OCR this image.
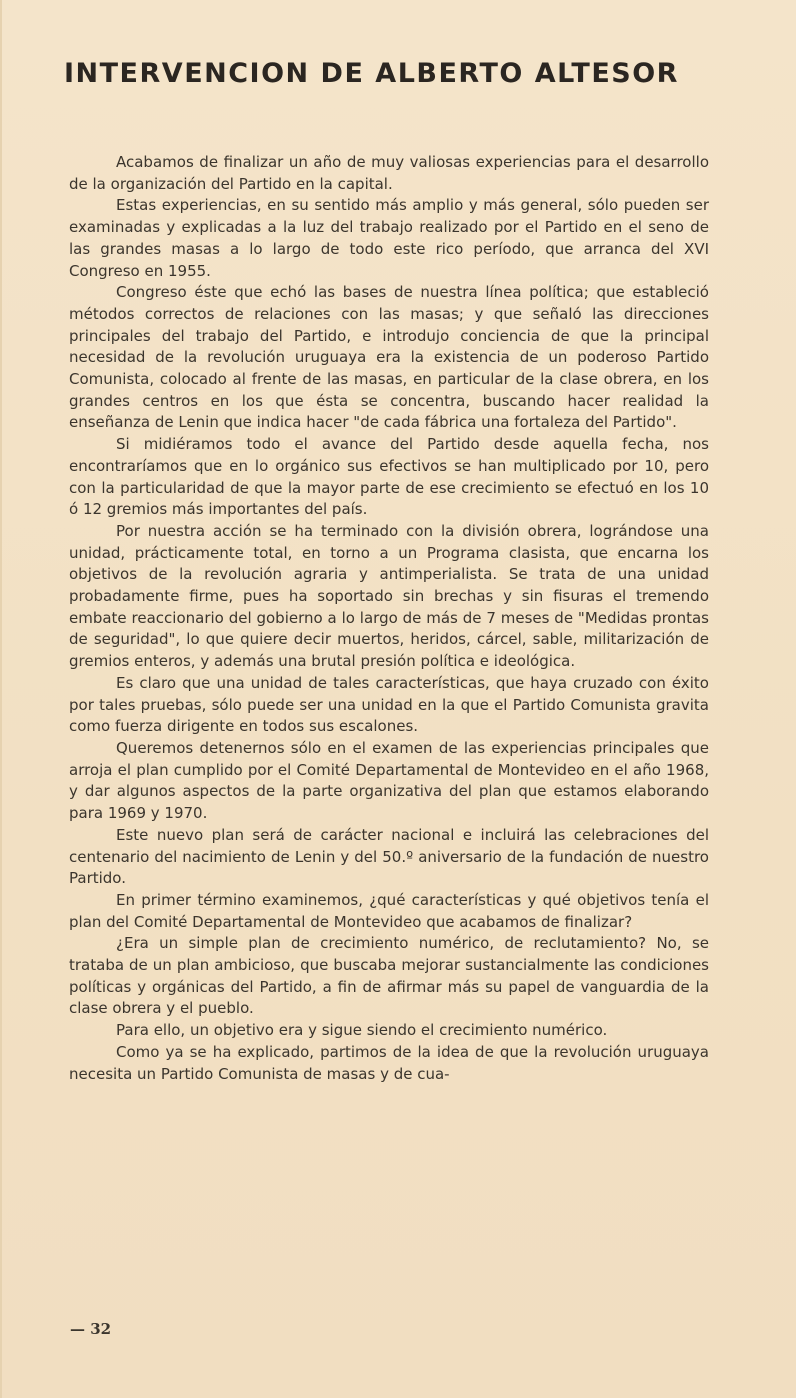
INTERVENCION DE ALBERTO ALTESOR

Acabamos de finalizar un año de muy valiosas experiencias para el desarrollo de la organización del Partido en la capital.

Estas experiencias, en su sentido más amplio y más general, sólo pueden ser examinadas y explicadas a la luz del trabajo realizado por el Partido en el seno de las grandes masas a lo largo de todo este rico período, que arranca del XVI Congreso en 1955.

Congreso éste que echó las bases de nuestra línea política; que estableció métodos correctos de relaciones con las masas; y que señaló las direcciones principales del trabajo del Partido, e introdujo conciencia de que la principal necesidad de la revolución uruguaya era la existencia de un poderoso Partido Comunista, colocado al frente de las masas, en particular de la clase obrera, en los grandes centros en los que ésta se concentra, buscando hacer realidad la enseñanza de Lenin que indica hacer "de cada fábrica una fortaleza del Partido".

Si midiéramos todo el avance del Partido desde aquella fecha, nos encontraríamos que en lo orgánico sus efectivos se han multiplicado por 10, pero con la particularidad de que la mayor parte de ese crecimiento se efectuó en los 10 ó 12 gremios más importantes del país.

Por nuestra acción se ha terminado con la división obrera, lográndose una unidad, prácticamente total, en torno a un Programa clasista, que encarna los objetivos de la revolución agraria y antimperialista. Se trata de una unidad probadamente firme, pues ha soportado sin brechas y sin fisuras el tremendo embate reaccionario del gobierno a lo largo de más de 7 meses de "Medidas prontas de seguridad", lo que quiere decir muertos, heridos, cárcel, sable, militarización de gremios enteros, y además una brutal presión política e ideológica.

Es claro que una unidad de tales características, que haya cruzado con éxito por tales pruebas, sólo puede ser una unidad en la que el Partido Comunista gravita como fuerza dirigente en todos sus escalones.

Queremos detenernos sólo en el examen de las experiencias principales que arroja el plan cumplido por el Comité Departamental de Montevideo en el año 1968, y dar algunos aspectos de la parte organizativa del plan que estamos elaborando para 1969 y 1970.

Este nuevo plan será de carácter nacional e incluirá las celebraciones del centenario del nacimiento de Lenin y del 50.º aniversario de la fundación de nuestro Partido.

En primer término examinemos, ¿qué características y qué objetivos tenía el plan del Comité Departamental de Montevideo que acabamos de finalizar?

¿Era un simple plan de crecimiento numérico, de reclutamiento? No, se trataba de un plan ambicioso, que buscaba mejorar sustancialmente las condiciones políticas y orgánicas del Partido, a fin de afirmar más su papel de vanguardia de la clase obrera y el pueblo.

Para ello, un objetivo era y sigue siendo el crecimiento numérico.

Como ya se ha explicado, partimos de la idea de que la revolución uruguaya necesita un Partido Comunista de masas y de cua-

— 32
